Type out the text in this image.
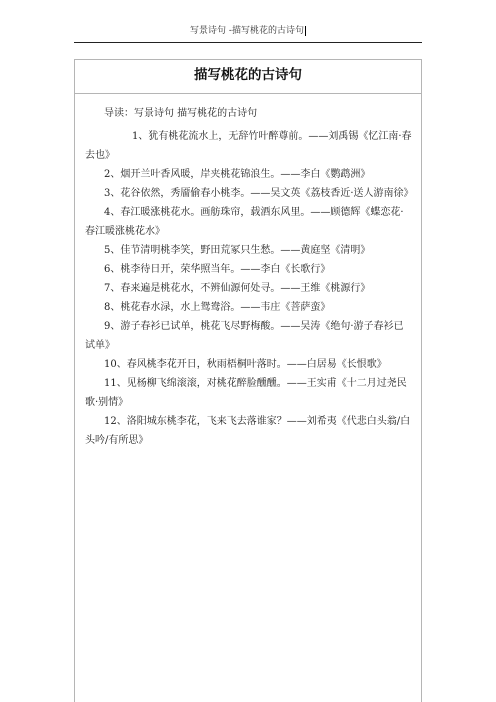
写景诗句 -描写桃花的古诗句
描写桃花的古诗句

导读：写景诗句 描写桃花的古诗句

1、犹有桃花流水上，无辞竹叶醉尊前。——刘禹锡《忆江南·春去也》

2、烟开兰叶香风暖，岸夹桃花锦浪生。——李白《鹦鹉洲》

3、花谷依然，秀靥偷春小桃李。——吴文英《荔枝香近·送人游南徐》

4、春江暖涨桃花水。画舫珠帘，载酒东风里。——顾德辉《蝶恋花·春江暖涨桃花水》

5、佳节清明桃李笑，野田荒冢只生愁。——黄庭坚《清明》

6、桃李待日开，荣华照当年。——李白《长歌行》

7、春来遍是桃花水，不辨仙源何处寻。——王维《桃源行》

8、桃花春水渌，水上鸳鸯浴。——韦庄《菩萨蛮》

9、游子春衫已试单，桃花飞尽野梅酸。——吴涛《绝句·游子春衫已试单》

10、春风桃李花开日，秋雨梧桐叶落时。——白居易《长恨歌》

11、见杨柳飞绵滚滚，对桃花醉脸醺醺。——王实甫《十二月过尧民歌·别情》

12、洛阳城东桃李花，飞来飞去落谁家？——刘希夷《代悲白头翁/白头吟/有所思》
